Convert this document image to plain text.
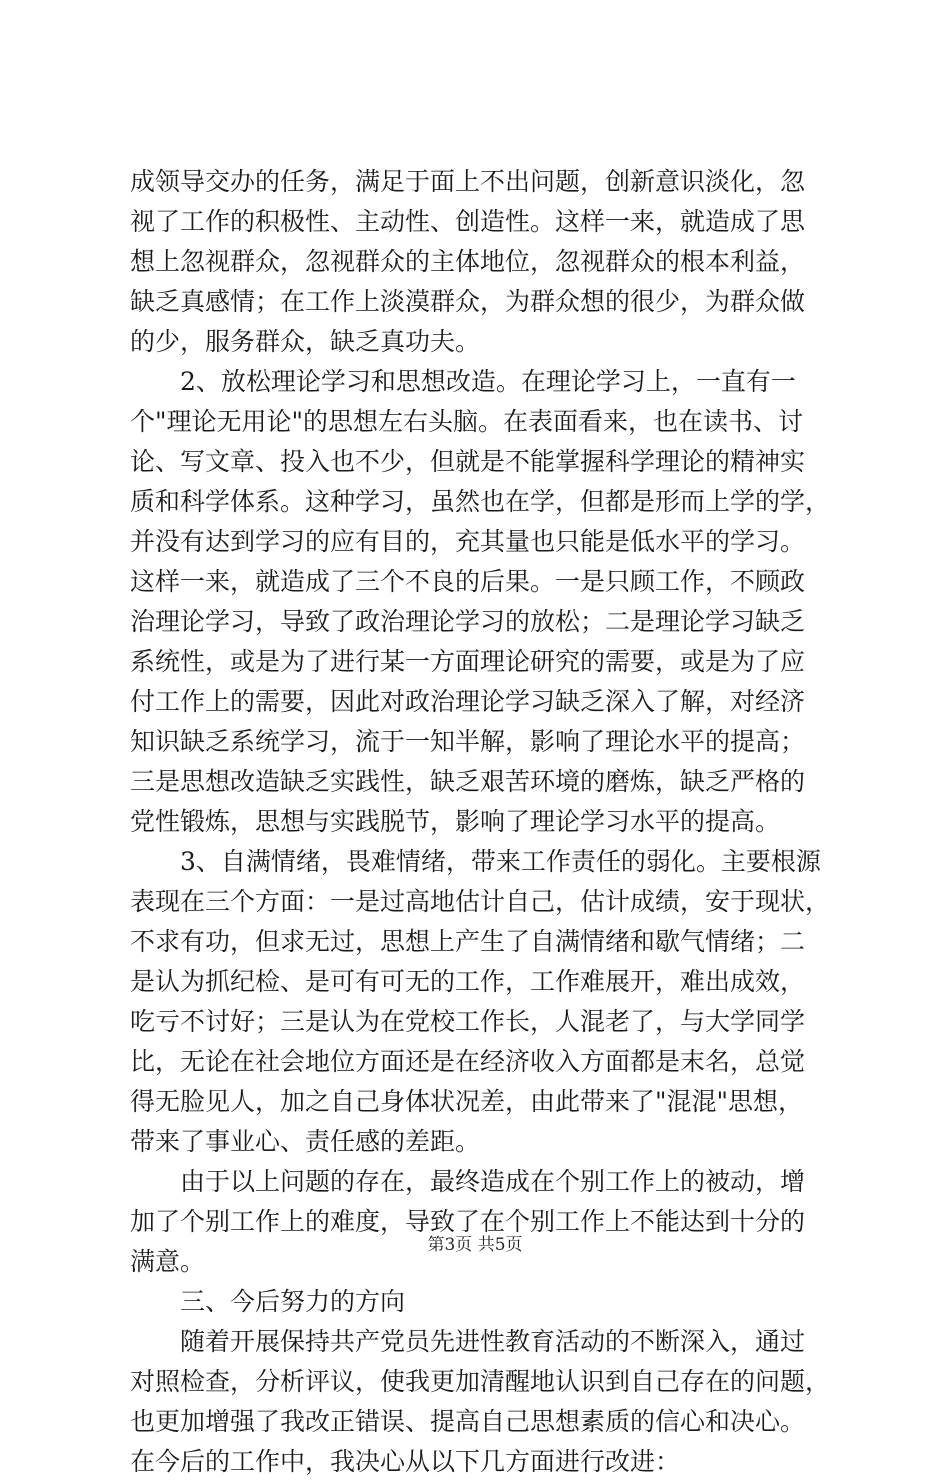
成领导交办的任务，满足于面上不出问题，创新意识淡化，忽
视了工作的积极性、主动性、创造性。这样一来，就造成了思
想上忽视群众，忽视群众的主体地位，忽视群众的根本利益，
缺乏真感情；在工作上淡漠群众，为群众想的很少，为群众做
的少，服务群众，缺乏真功夫。
2、放松理论学习和思想改造。在理论学习上，一直有一
个"理论无用论"的思想左右头脑。在表面看来，也在读书、讨
论、写文章、投入也不少，但就是不能掌握科学理论的精神实
质和科学体系。这种学习，虽然也在学，但都是形而上学的学，
并没有达到学习的应有目的，充其量也只能是低水平的学习。
这样一来，就造成了三个不良的后果。一是只顾工作，不顾政
治理论学习，导致了政治理论学习的放松；二是理论学习缺乏
系统性，或是为了进行某一方面理论研究的需要，或是为了应
付工作上的需要，因此对政治理论学习缺乏深入了解，对经济
知识缺乏系统学习，流于一知半解，影响了理论水平的提高；
三是思想改造缺乏实践性，缺乏艰苦环境的磨炼，缺乏严格的
党性锻炼，思想与实践脱节，影响了理论学习水平的提高。
3、自满情绪，畏难情绪，带来工作责任的弱化。主要根源
表现在三个方面：一是过高地估计自己，估计成绩，安于现状，
不求有功，但求无过，思想上产生了自满情绪和歇气情绪；二
是认为抓纪检、是可有可无的工作，工作难展开，难出成效，
吃亏不讨好；三是认为在党校工作长，人混老了，与大学同学
比，无论在社会地位方面还是在经济收入方面都是末名，总觉
得无脸见人，加之自己身体状况差，由此带来了"混混"思想，
带来了事业心、责任感的差距。
由于以上问题的存在，最终造成在个别工作上的被动，增
加了个别工作上的难度，导致了在个别工作上不能达到十分的
满意。
三、今后努力的方向
随着开展保持共产党员先进性教育活动的不断深入，通过
对照检查，分析评议，使我更加清醒地认识到自己存在的问题，
也更加增强了我改正错误、提高自己思想素质的信心和决心。
在今后的工作中，我决心从以下几方面进行改进：
第3页 共5页
